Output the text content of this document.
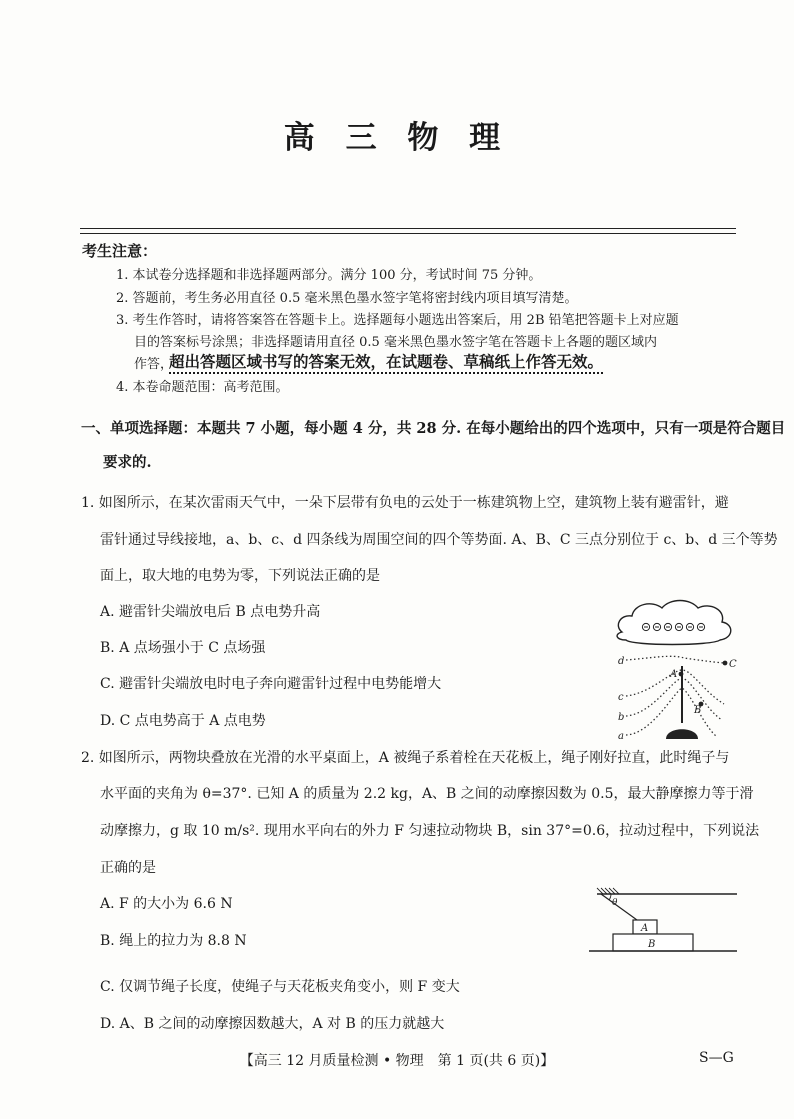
高 三 物 理
考生注意：
1. 本试卷分选择题和非选择题两部分。满分 100 分，考试时间 75 分钟。
2. 答题前，考生务必用直径 0.5 毫米黑色墨水签字笔将密封线内项目填写清楚。
3. 考生作答时，请将答案答在答题卡上。选择题每小题选出答案后，用 2B 铅笔把答题卡上对应题
目的答案标号涂黑；非选择题请用直径 0.5 毫米黑色墨水签字笔在答题卡上各题的题区域内
作答，
超出答题区域书写的答案无效，在试题卷、草稿纸上作答无效。
4. 本卷命题范围：高考范围。
一、单项选择题：本题共 7 小题，每小题 4 分，共 28 分. 在每小题给出的四个选项中，只有一项是符合题目
要求的.
1. 如图所示，在某次雷雨天气中，一朵下层带有负电的云处于一栋建筑物上空，建筑物上装有避雷针，避
雷针通过导线接地，a、b、c、d 四条线为周围空间的四个等势面. A、B、C 三点分别位于 c、b、d 三个等势
面上，取大地的电势为零，下列说法正确的是
A. 避雷针尖端放电后 B 点电势升高
B. A 点场强小于 C 点场强
C. 避雷针尖端放电时电子奔向避雷针过程中电势能增大
D. C 点电势高于 A 点电势
d
c
b
a
A
B
C
2. 如图所示，两物块叠放在光滑的水平桌面上，A 被绳子系着栓在天花板上，绳子刚好拉直，此时绳子与
水平面的夹角为 θ=37°. 已知 A 的质量为 2.2 kg，A、B 之间的动摩擦因数为 0.5，最大静摩擦力等于滑
动摩擦力，g 取 10 m/s². 现用水平向右的外力 F 匀速拉动物块 B，sin 37°=0.6，拉动过程中，下列说法
正确的是
A. F 的大小为 6.6 N
B. 绳上的拉力为 8.8 N
C. 仅调节绳子长度，使绳子与天花板夹角变小，则 F 变大
D. A、B 之间的动摩擦因数越大，A 对 B 的压力就越大
θ
A
B
【高三 12 月质量检测 • 物理　第 1 页(共 6 页)】	S—G
